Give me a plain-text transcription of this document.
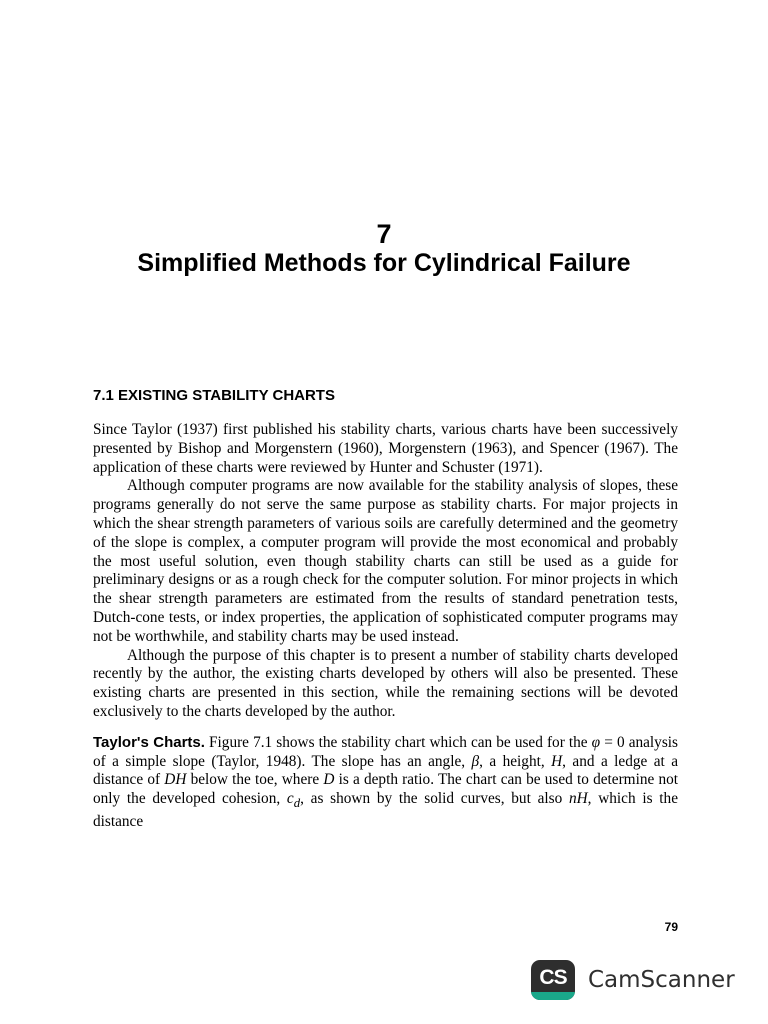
7
Simplified Methods for Cylindrical Failure
7.1 EXISTING STABILITY CHARTS

Since Taylor (1937) first published his stability charts, various charts have been successively presented by Bishop and Morgenstern (1960), Morgenstern (1963), and Spencer (1967). The application of these charts were reviewed by Hunter and Schuster (1971).

Although computer programs are now available for the stability analysis of slopes, these programs generally do not serve the same purpose as stability charts. For major projects in which the shear strength parameters of various soils are carefully determined and the geometry of the slope is complex, a computer program will provide the most economical and probably the most useful solution, even though stability charts can still be used as a guide for preliminary designs or as a rough check for the computer solution. For minor projects in which the shear strength parameters are estimated from the results of standard penetration tests, Dutch-cone tests, or index properties, the application of sophisticated computer programs may not be worthwhile, and stability charts may be used instead.

Although the purpose of this chapter is to present a number of stability charts developed recently by the author, the existing charts developed by others will also be presented. These existing charts are presented in this section, while the remaining sections will be devoted exclusively to the charts developed by the author.

Taylor's Charts. Figure 7.1 shows the stability chart which can be used for the φ = 0 analysis of a simple slope (Taylor, 1948). The slope has an angle, β, a height, H, and a ledge at a distance of DH below the toe, where D is a depth ratio. The chart can be used to determine not only the developed cohesion, $c_d$, as shown by the solid curves, but also nH, which is the distance

79
CS CamScanner
